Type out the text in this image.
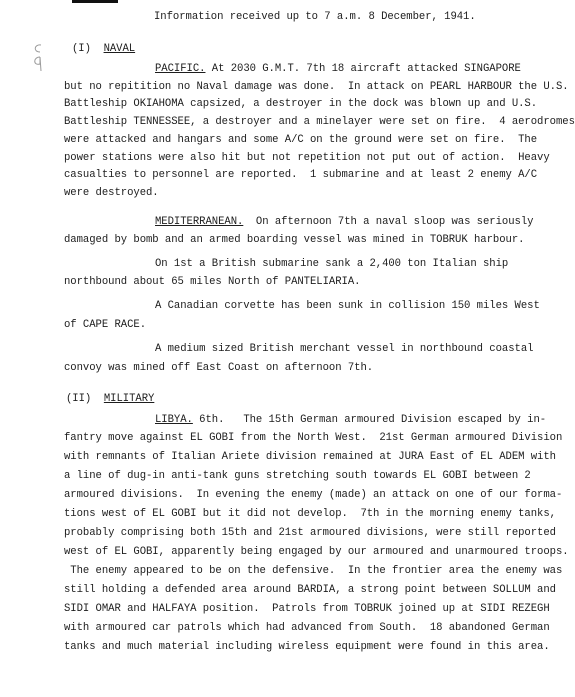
Information received up to 7 a.m. 8 December, 1941.
(I) NAVAL
PACIFIC. At 2030 G.M.T. 7th 18 aircraft attacked SINGAPORE
but no repitition no Naval damage was done.  In attack on PEARL HARBOUR the U.S.
Battleship OKIAHOMA capsized, a destroyer in the dock was blown up and U.S.
Battleship TENNESSEE, a destroyer and a minelayer were set on fire.  4 aerodromes
were attacked and hangars and some A/C on the ground were set on fire.  The
power stations were also hit but not repetition not put out of action.  Heavy
casualties to personnel are reported.  1 submarine and at least 2 enemy A/C
were destroyed.
MEDITERRANEAN.  On afternoon 7th a naval sloop was seriously
damaged by bomb and an armed boarding vessel was mined in TOBRUK harbour.
On 1st a British submarine sank a 2,400 ton Italian ship
northbound about 65 miles North of PANTELIARIA.
A Canadian corvette has been sunk in collision 150 miles West
of CAPE RACE.
A medium sized British merchant vessel in northbound coastal
convoy was mined off East Coast on afternoon 7th.
(II) MILITARY
LIBYA. 6th.   The 15th German armoured Division escaped by in-
fantry move against EL GOBI from the North West.  21st German armoured Division
with remnants of Italian Ariete division remained at JURA East of EL ADEM with
a line of dug-in anti-tank guns stretching south towards EL GOBI between 2
armoured divisions.  In evening the enemy (made) an attack on one of our forma-
tions west of EL GOBI but it did not develop.  7th in the morning enemy tanks,
probably comprising both 15th and 21st armoured divisions, were still reported
west of EL GOBI, apparently being engaged by our armoured and unarmoured troops.
The enemy appeared to be on the defensive.  In the frontier area the enemy was
still holding a defended area around BARDIA, a strong point between SOLLUM and
SIDI OMAR and HALFAYA position.  Patrols from TOBRUK joined up at SIDI REZEGH
with armoured car patrols which had advanced from South.  18 abandoned German
tanks and much material including wireless equipment were found in this area.
